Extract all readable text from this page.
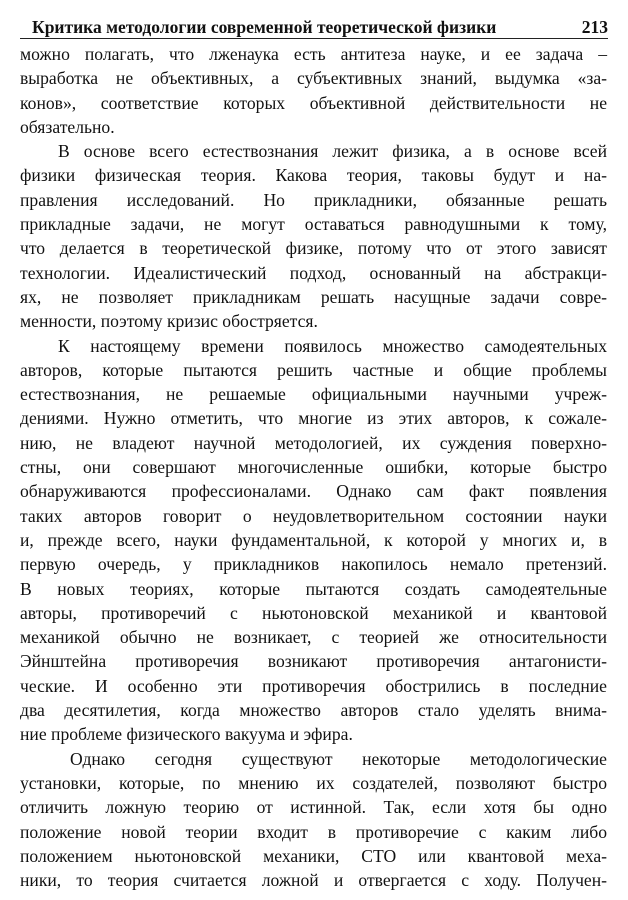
Критика методологии современной теоретической физики	213
можно полагать, что лженаука есть антитеза науке, и ее задача –
выработка не объективных, а субъективных знаний, выдумка «за-
конов», соответствие которых объективной действительности не
обязательно.
В основе всего естествознания лежит физика, а в основе всей
физики физическая теория. Какова теория, таковы будут и на-
правления исследований. Но прикладники, обязанные решать
прикладные задачи, не могут оставаться равнодушными к тому,
что делается в теоретической физике, потому что от этого зависят
технологии. Идеалистический подход, основанный на абстракци-
ях, не позволяет прикладникам решать насущные задачи совре-
менности, поэтому кризис обостряется.
К настоящему времени появилось множество самодеятельных
авторов, которые пытаются решить частные и общие проблемы
естествознания, не решаемые официальными научными учреж-
дениями. Нужно отметить, что многие из этих авторов, к сожале-
нию, не владеют научной методологией, их суждения поверхно-
стны, они совершают многочисленные ошибки, которые быстро
обнаруживаются профессионалами. Однако сам факт появления
таких авторов говорит о неудовлетворительном состоянии науки
и, прежде всего, науки фундаментальной, к которой у многих и, в
первую очередь, у прикладников накопилось немало претензий.
В новых теориях, которые пытаются создать самодеятельные
авторы, противоречий с ньютоновской механикой и квантовой
механикой обычно не возникает, с теорией же относительности
Эйнштейна противоречия возникают противоречия антагонисти-
ческие. И особенно эти противоречия обострились в последние
два десятилетия, когда множество авторов стало уделять внима-
ние проблеме физического вакуума и эфира.
Однако сегодня существуют некоторые методологические
установки, которые, по мнению их создателей, позволяют быстро
отличить ложную теорию от истинной. Так, если хотя бы одно
положение новой теории входит в противоречие с каким либо
положением ньютоновской механики, СТО или квантовой меха-
ники, то теория считается ложной и отвергается с ходу. Получен-
